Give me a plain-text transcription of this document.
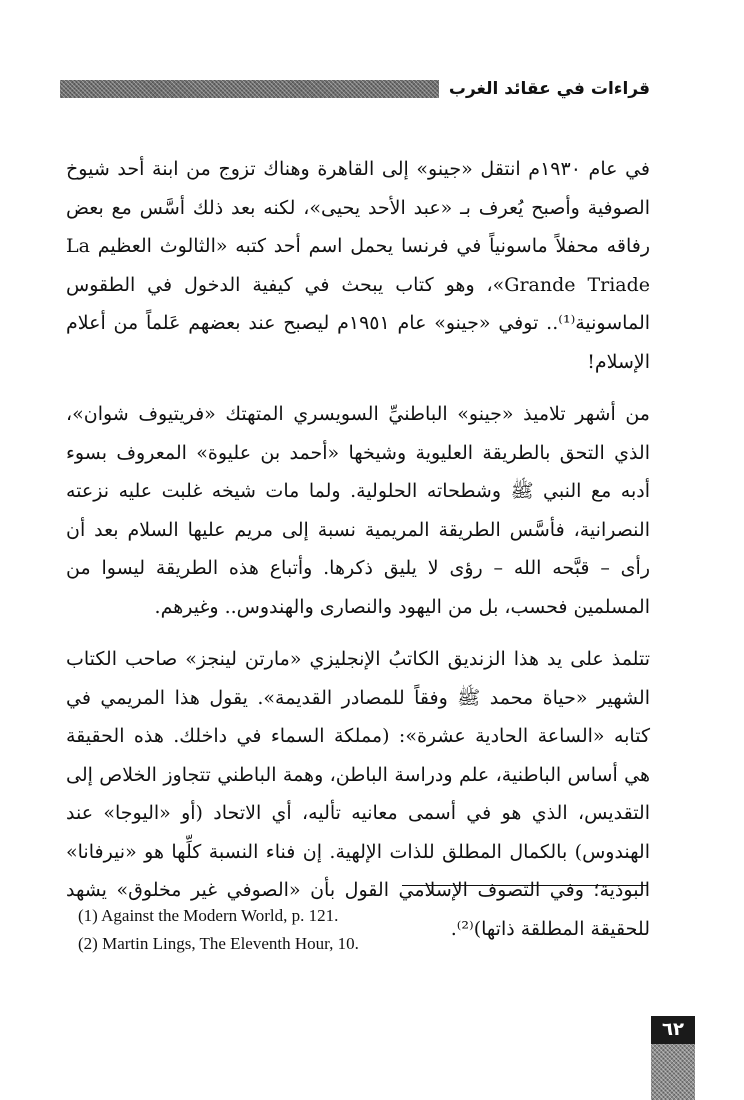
قراءات في عقائد الغرب

في عام ١٩٣٠م انتقل «جينو» إلى القاهرة وهناك تزوج من ابنة أحد شيوخ الصوفية وأصبح يُعرف بـ «عبد الأحد يحيى»، لكنه بعد ذلك أسَّس مع بعض رفاقه محفلاً ماسونياً في فرنسا يحمل اسم أحد كتبه «الثالوث العظيم La Grande Triade»، وهو كتاب يبحث في كيفية الدخول في الطقوس الماسونية⁽¹⁾.. توفي «جينو» عام ١٩٥١م ليصبح عند بعضهم عَلماً من أعلام الإسلام!

من أشهر تلاميذ «جينو» الباطنيِّ السويسري المتهتك «فريتيوف شوان»، الذي التحق بالطريقة العليوية وشيخها «أحمد بن عليوة» المعروف بسوء أدبه مع النبي ﷺ وشطحاته الحلولية. ولما مات شيخه غلبت عليه نزعته النصرانية، فأسَّس الطريقة المريمية نسبة إلى مريم عليها السلام بعد أن رأى – قبَّحه الله – رؤى لا يليق ذكرها. وأتباع هذه الطريقة ليسوا من المسلمين فحسب، بل من اليهود والنصارى والهندوس.. وغيرهم.

تتلمذ على يد هذا الزنديق الكاتبُ الإنجليزي «مارتن لينجز» صاحب الكتاب الشهير «حياة محمد ﷺ وفقاً للمصادر القديمة». يقول هذا المريمي في كتابه «الساعة الحادية عشرة»: (مملكة السماء في داخلك. هذه الحقيقة هي أساس الباطنية، علم ودراسة الباطن، وهمة الباطني تتجاوز الخلاص إلى التقديس، الذي هو في أسمى معانيه تأليه، أي الاتحاد (أو «اليوجا» عند الهندوس) بالكمال المطلق للذات الإلهية. إن فناء النسبة كلِّها هو «نيرفانا» البوذية؛ وفي التصوف الإسلامي القول بأن «الصوفي غير مخلوق» يشهد للحقيقة المطلقة ذاتها)⁽²⁾.

(1) Against the Modern World, p. 121.
(2) Martin Lings, The Eleventh Hour, 10.
٦٢
